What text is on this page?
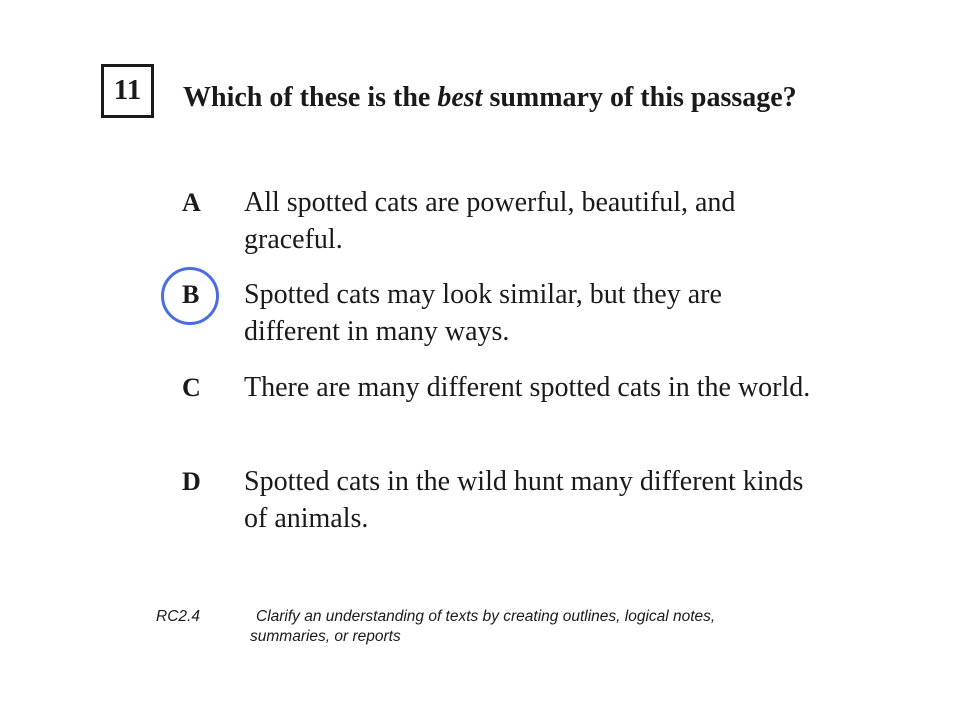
11 Which of these is the best summary of this passage?
A All spotted cats are powerful, beautiful, and graceful.
B Spotted cats may look similar, but they are different in many ways.
C There are many different spotted cats in the world.
D Spotted cats in the wild hunt many different kinds of animals.
RC2.4	Clarify an understanding of texts by creating outlines, logical notes, summaries, or reports
